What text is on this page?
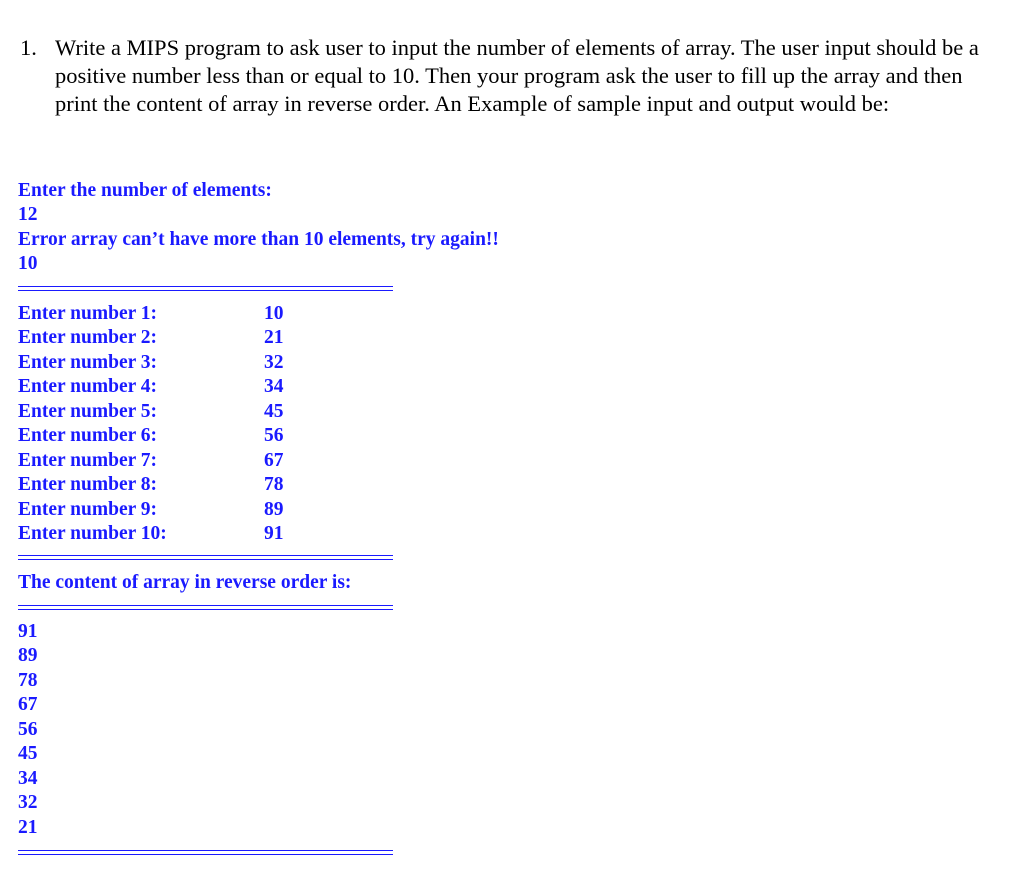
1. Write a MIPS program to ask user to input the number of elements of array. The user input should be a positive number less than or equal to 10. Then your program ask the user to fill up the array and then print the content of array in reverse order. An Example of sample input and output would be:
Enter the number of elements:
12
Error array can’t have more than 10 elements, try again!!
10
Enter number 1:	10
Enter number 2:	21
Enter number 3:	32
Enter number 4:	34
Enter number 5:	45
Enter number 6:	56
Enter number 7:	67
Enter number 8:	78
Enter number 9:	89
Enter number 10:	91
The content of array in reverse order is:
91
89
78
67
56
45
34
32
21
